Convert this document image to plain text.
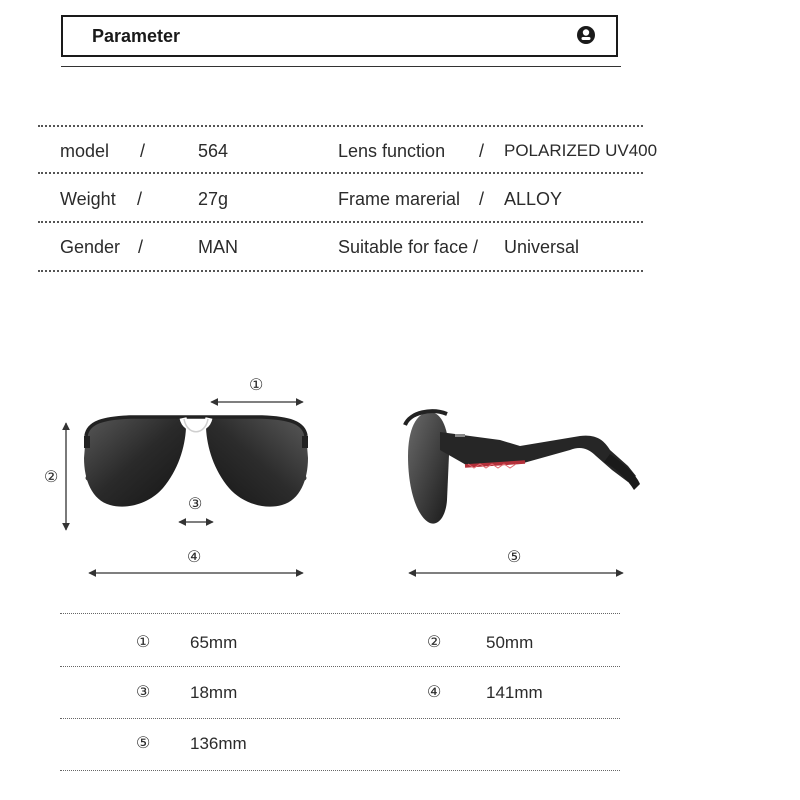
Parameter
model /	564	Lens function / POLARIZED UV400
Weight /	27g	Frame marerial / ALLOY
Gender /	MAN	Suitable for face / Universal
①
②
③
④	⑤
① 65mm	②	50mm
③ 18mm	④	141mm
⑤ 136mm
